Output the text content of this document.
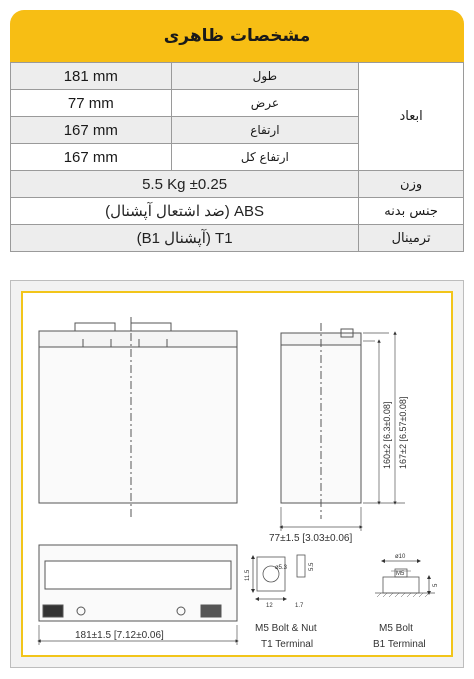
مشخصات ظاهری
181 mm	طول	ابعاد
77 mm	عرض	
167 mm	ارتفاع	
167 mm	ارتفاع کل	
5.5 Kg ±0.25		وزن
ABS (ضد اشتعال آپشنال)		جنس بدنه
T1 (آپشنال B1)		ترمینال
160±2 [6.3±0.08] 167±2 [6.57±0.08]
77±1.5 [3.03±0.06]
181±1.5 [7.12±0.06]
ø5.3
11.5
5.5
12	1.7
M5 Bolt & Nut
T1 Terminal
ø10
M5
5
M5 Bolt
B1 Terminal
